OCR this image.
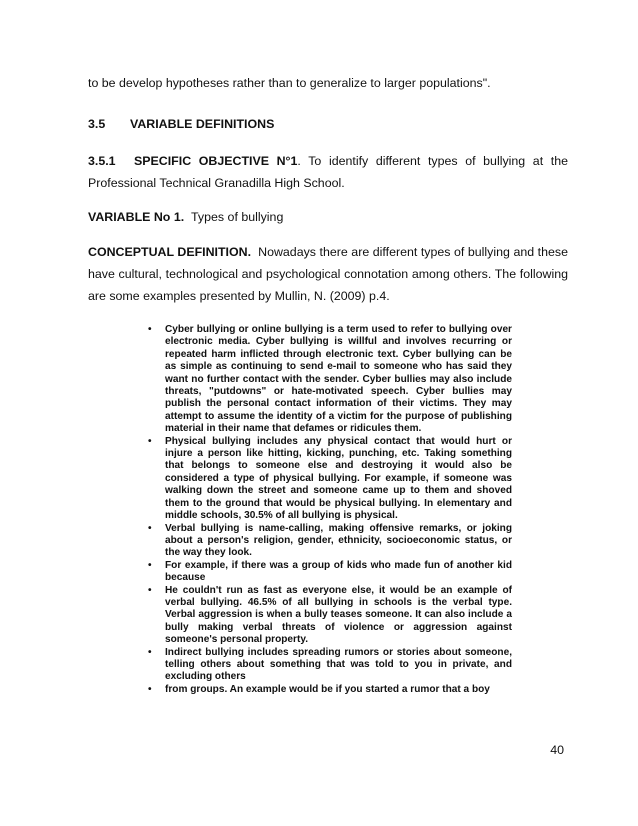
to be develop hypotheses rather than to generalize to larger populations".

3.5 VARIABLE DEFINITIONS

3.5.1 SPECIFIC OBJECTIVE N°1. To identify different types of bullying at the Professional Technical Granadilla High School.

VARIABLE No 1. Types of bullying

CONCEPTUAL DEFINITION. Nowadays there are different types of bullying and these have cultural, technological and psychological connotation among others. The following are some examples presented by Mullin, N. (2009) p.4.

• Cyber bullying or online bullying is a term used to refer to bullying over electronic media. Cyber bullying is willful and involves recurring or repeated harm inflicted through electronic text. Cyber bullying can be as simple as continuing to send e-mail to someone who has said they want no further contact with the sender. Cyber bullies may also include threats, "putdowns" or hate-motivated speech. Cyber bullies may publish the personal contact information of their victims. They may attempt to assume the identity of a victim for the purpose of publishing material in their name that defames or ridicules them.
• Physical bullying includes any physical contact that would hurt or injure a person like hitting, kicking, punching, etc. Taking something that belongs to someone else and destroying it would also be considered a type of physical bullying. For example, if someone was walking down the street and someone came up to them and shoved them to the ground that would be physical bullying. In elementary and middle schools, 30.5% of all bullying is physical.
• Verbal bullying is name-calling, making offensive remarks, or joking about a person's religion, gender, ethnicity, socioeconomic status, or the way they look.
• For example, if there was a group of kids who made fun of another kid because
• He couldn't run as fast as everyone else, it would be an example of verbal bullying. 46.5% of all bullying in schools is the verbal type. Verbal aggression is when a bully teases someone. It can also include a bully making verbal threats of violence or aggression against someone's personal property.
• Indirect bullying includes spreading rumors or stories about someone, telling others about something that was told to you in private, and excluding others
• from groups. An example would be if you started a rumor that a boy
40
